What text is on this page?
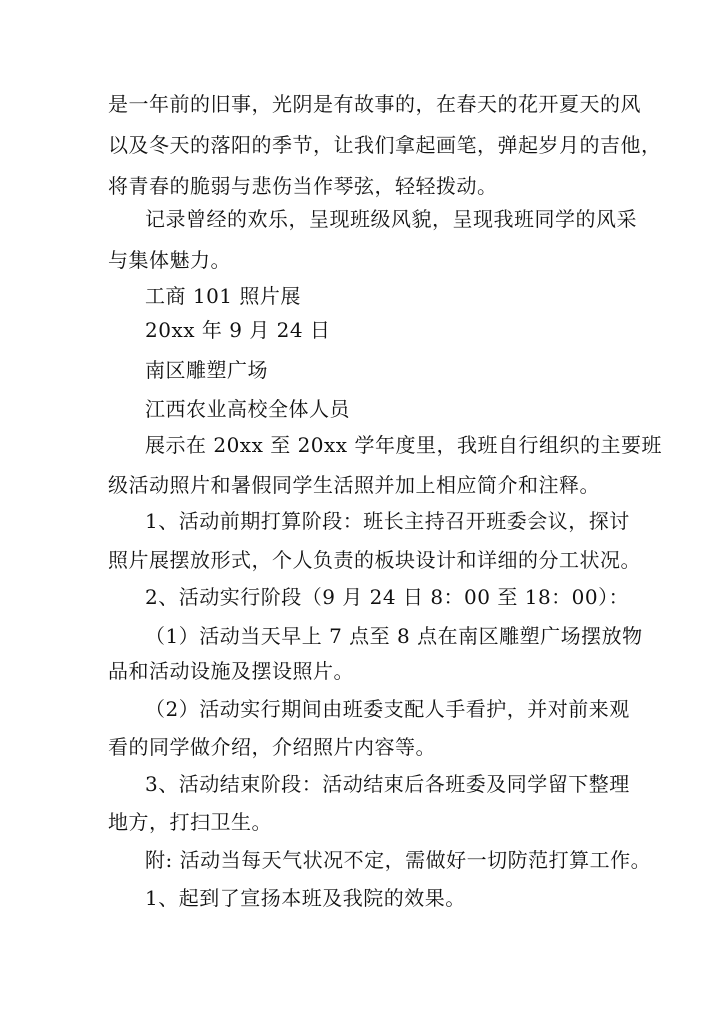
是一年前的旧事，光阴是有故事的，在春天的花开夏天的风

以及冬天的落阳的季节，让我们拿起画笔，弹起岁月的吉他，

将青春的脆弱与悲伤当作琴弦，轻轻拨动。

记录曾经的欢乐，呈现班级风貌，呈现我班同学的风采

与集体魅力。

工商 101 照片展

20xx 年 9 月 24 日

南区雕塑广场

江西农业高校全体人员

展示在 20xx 至 20xx 学年度里，我班自行组织的主要班

级活动照片和暑假同学生活照并加上相应简介和注释。

1、活动前期打算阶段：班长主持召开班委会议，探讨

照片展摆放形式，个人负责的板块设计和详细的分工状况。

2、活动实行阶段（9 月 24 日 8：00 至 18：00）：

（1）活动当天早上 7 点至 8 点在南区雕塑广场摆放物

品和活动设施及摆设照片。

（2）活动实行期间由班委支配人手看护，并对前来观

看的同学做介绍，介绍照片内容等。

3、活动结束阶段：活动结束后各班委及同学留下整理

地方，打扫卫生。

附: 活动当每天气状况不定，需做好一切防范打算工作。

1、起到了宣扬本班及我院的效果。
